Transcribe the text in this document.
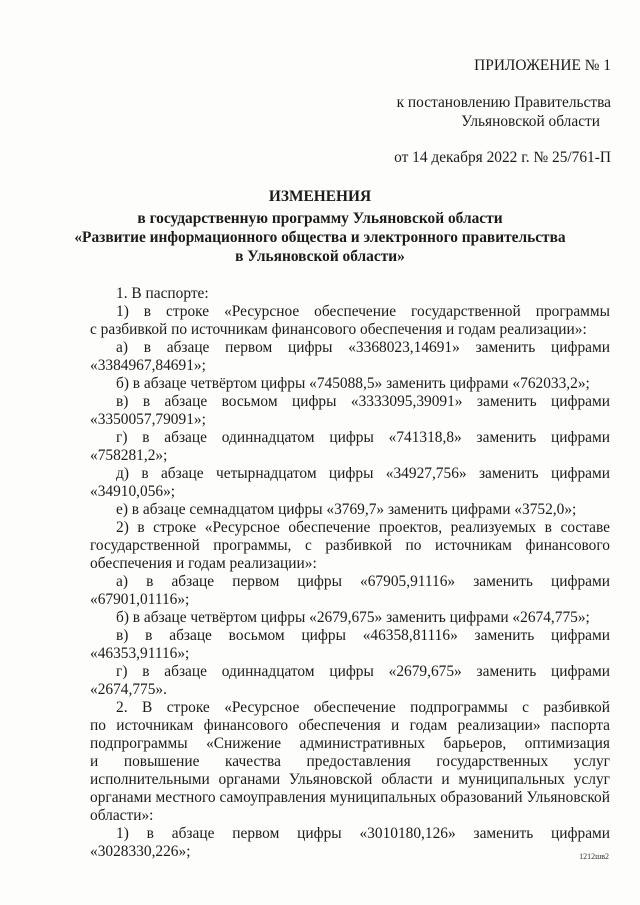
ПРИЛОЖЕНИЕ № 1
к постановлению Правительства
Ульяновской области
от 14 декабря 2022 г. № 25/761-П
ИЗМЕНЕНИЯ
в государственную программу Ульяновской области
«Развитие информационного общества и электронного правительства
в Ульяновской области»
1. В паспорте:
1) в строке «Ресурсное обеспечение государственной программы
с разбивкой по источникам финансового обеспечения и годам реализации»:
а) в абзаце первом цифры «3368023,14691» заменить цифрами
«3384967,84691»;
б) в абзаце четвёртом цифры «745088,5» заменить цифрами «762033,2»;
в) в абзаце восьмом цифры «3333095,39091» заменить цифрами
«3350057,79091»;
г) в абзаце одиннадцатом цифры «741318,8» заменить цифрами
«758281,2»;
д) в абзаце четырнадцатом цифры «34927,756» заменить цифрами
«34910,056»;
е) в абзаце семнадцатом цифры «3769,7» заменить цифрами «3752,0»;
2) в строке «Ресурсное обеспечение проектов, реализуемых в составе
государственной программы, с разбивкой по источникам финансового
обеспечения и годам реализации»:
а) в абзаце первом цифры «67905,91116» заменить цифрами
«67901,01116»;
б) в абзаце четвёртом цифры «2679,675» заменить цифрами «2674,775»;
в) в абзаце восьмом цифры «46358,81116» заменить цифрами
«46353,91116»;
г) в абзаце одиннадцатом цифры «2679,675» заменить цифрами
«2674,775».
2. В строке «Ресурсное обеспечение подпрограммы с разбивкой
по источникам финансового обеспечения и годам реализации» паспорта
подпрограммы «Снижение административных барьеров, оптимизация
и повышение качества предоставления государственных услуг
исполнительными органами Ульяновской области и муниципальных услуг
органами местного самоуправления муниципальных образований Ульяновской
области»:
1) в абзаце первом цифры «3010180,126» заменить цифрами
«3028330,226»;	1212шв2
